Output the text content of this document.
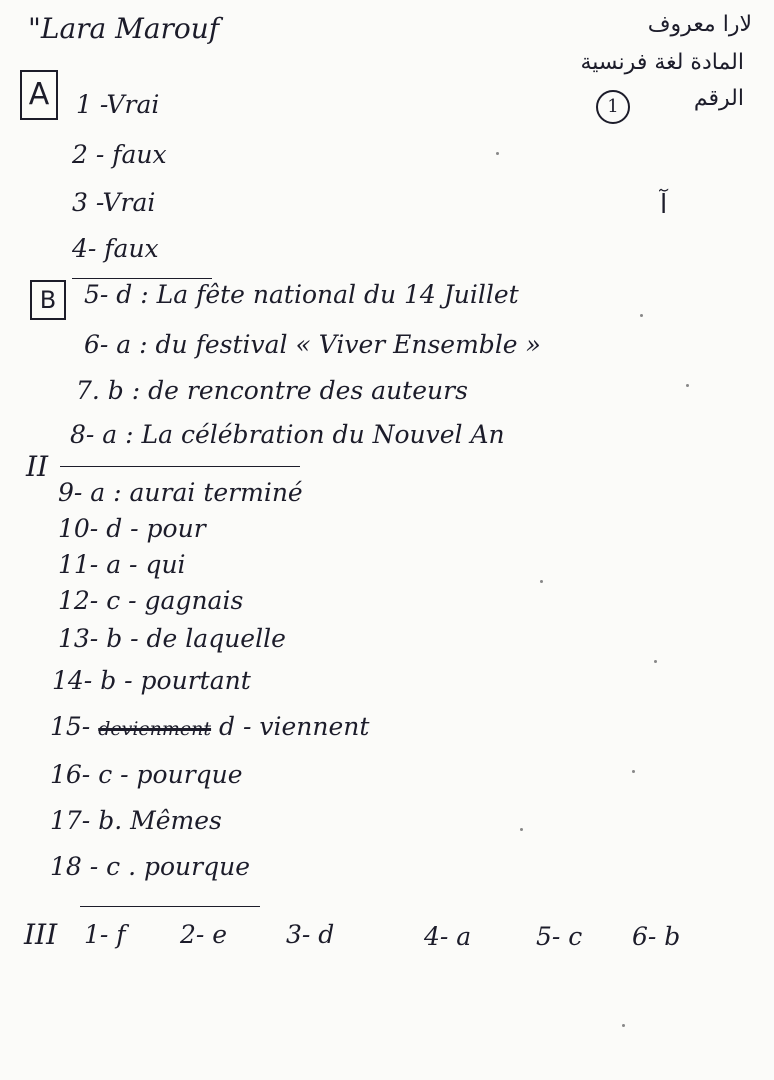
"Lara Marouf	لارا معروف
المادة لغة فرنسية
الرقم
1
آ
A	1 -Vrai
2 - faux
3 -Vrai
4- faux
B	5- d : La fête national du 14 Juillet
6- a : du festival « Viver Ensemble »
7. b : de rencontre des auteurs
8- a : La célébration du Nouvel An
II
9- a : aurai terminé
10- d - pour
11- a - qui
12- c - gagnais
13- b - de laquelle
14- b - pourtant
15- devienment d - viennent
16- c - pourque
17- b. Mêmes
18 - c . pourque
III 1- f 2- e 3- d	4- a	5- c 6- b
